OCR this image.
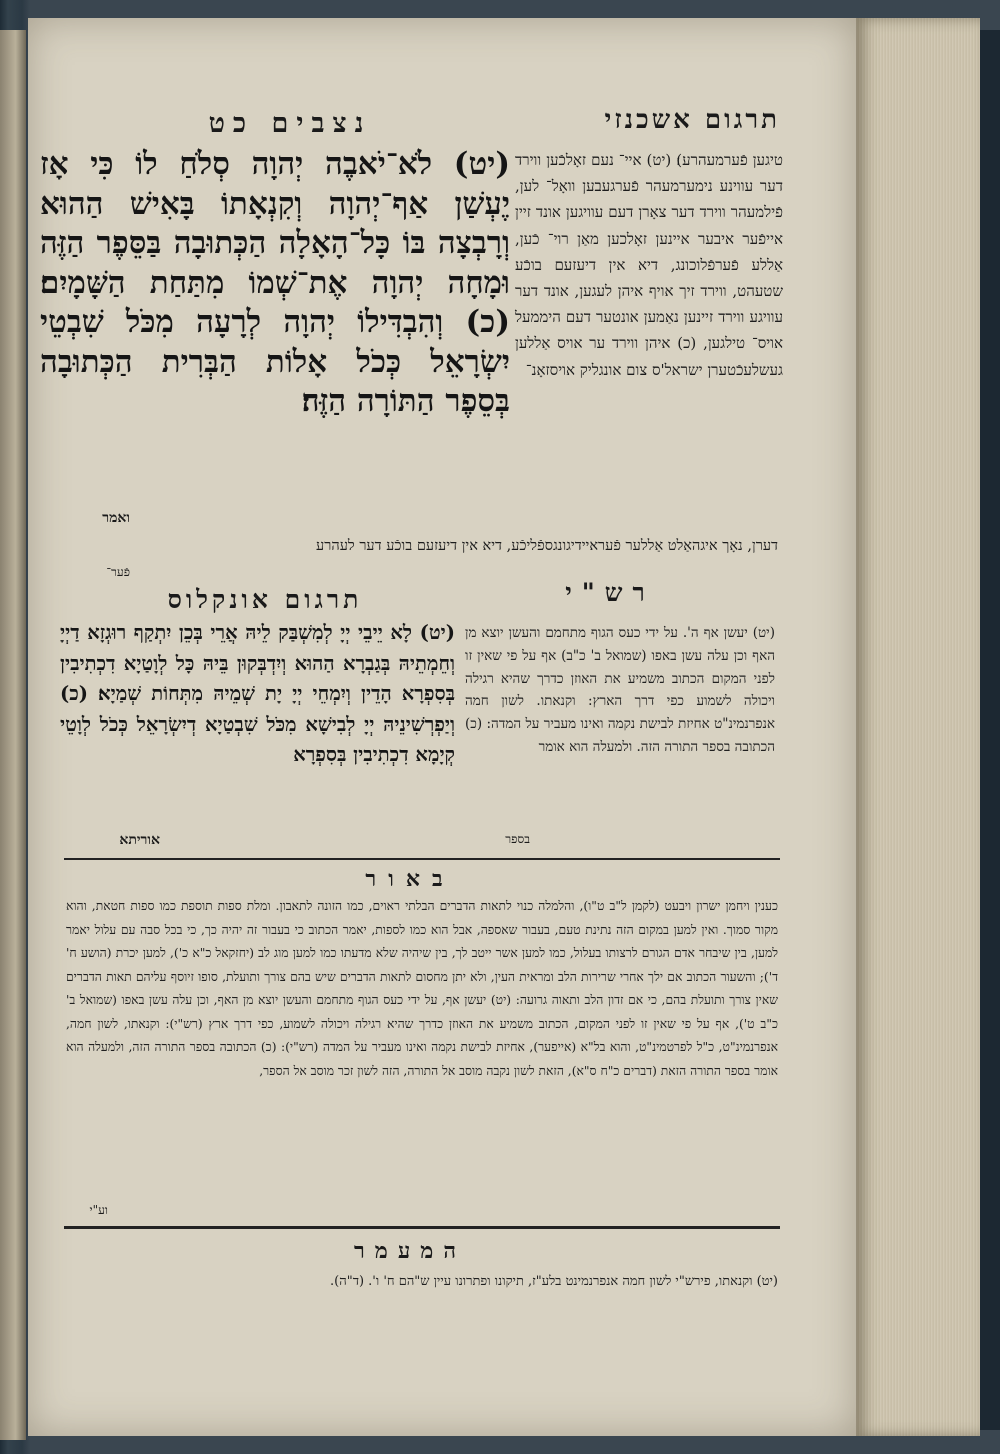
תרגום אשכנזי
נצבים כט
(יט) לֹא־יֹאבֶה יְהוָה סְלֹחַ לוֹ כִּי אָז יֶעְשַׁן אַף־יְהוָה וְקִנְאָתוֹ בָּאִישׁ הַהוּא וְרָבְצָה בּוֹ כָּל־הָאָלָה הַכְּתוּבָה בַּסֵּפֶר הַזֶּה וּמָחָה יְהוָה אֶת־שְׁמוֹ מִתַּחַת הַשָּׁמָיִם׃ (כ) וְהִבְדִּילוֹ יְהוָה לְרָעָה מִכֹּל שִׁבְטֵי יִשְׂרָאֵל כְּכֹל אָלוֹת הַבְּרִית הַכְּתוּבָה בְּסֵפֶר הַתּוֹרָה הַזֶּה׃
ואמר
טיגען פֿערמעהרע)׃ (יט) איי־ נעם זאָלכֿען ווירד דער עווינע נימערמעהר פֿערגעבען וואָל־ לען, פֿילמעהר ווירד דער צאָרן דעם עוויגען אונד זיין אייפֿער איבער איינען זאָלכען מאַן רוי־ כֿען, אַללע פֿערפֿלוכונג, דיא אין דיעזעם בוכֿע שטעהט, ווירד זיך אויף איהן לעגען, אונד דער עוויגע ווירד זיינען נאַמען אונטער דעם היממעל אויס־ טילגען, (כ) איהן ווירד ער אויס אַללען געשלעכֿטערן ישראל'ס צום אונגליק אויסזאָנ־
דערן, נאָך איגהאַלט אַללער פֿעראיידיגונגספֿליכֿע, דיא אין דיעזעם בוכֿע דער לעהרע
פֿער־
רש"י
תרגום אונקלוס
(יט) לָא יֵיבֵי יְיָ לְמִשְׁבַּק לֵיהּ אֲרֵי בְּכֵן יִתְקַף רוּגְזָא דַיְיָ וְחֵמְתֵיהּ בְּגַבְרָא הַהוּא וְיִדְבְּקוּן בֵּיהּ כָּל לְוָטַיָא דִכְתִיבִין בְּסִפְרָא הָדֵין וְיִמְחֵי יְיָ יָת שְׁמֵיהּ מִתְּחוֹת שְׁמַיָא׃ (כ) וְיַפְרְשִׁינֵיהּ יְיָ לְבִישָׁא מִכֹּל שִׁבְטַיָא דְיִשְׂרָאֵל כְּכֹל לְוָטֵי קְיָמָא דִכְתִיבִין בְּסִפְרָא
אוריתא
(יט) יעשן אף ה'. על ידי כעס הגוף מתחמם והעשן יוצא מן האף וכן עלה עשן באפו (שמואל ב' כ"ב) אף על פי שאין זו לפני המקום הכתוב משמיע את האוזן כדרך שהיא רגילה ויכולה לשמוע כפי דרך הארץ: וקנאתו. לשון חמה אנפרנמינ"ט אחיזת לבישת נקמה ואינו מעביר על המדה: (כ) הכתובה בספר התורה הזה. ולמעלה הוא אומר
בספר
באור
כענין ויחמן ישרון ויבעט (לקמן ל"ב ט"ו), והלמלה כנוי לתאות הדברים הבלתי ראוים, כמו הזונה לתאבון. ומלת ספות תוספת כמו ספות חטאת, והוא מקור סמוך. ואין למען במקום הזה נתינת טעם, בעבור שאספה, אבל הוא כמו לספות, יאמר הכתוב כי בעבור זה יהיה כך, כי בכל סבה עם עלול יאמר למען, בין שיבחר אדם הגורם לרצותו בעלול, כמו למען אשר ייטב לך, בין שיהיה שלא מדעתו כמו למען מוג לב (יחזקאל כ"א כ'), למען יכרת (הושע ח' ד'); והשעור הכתוב אם ילך אחרי שרירות הלב ומראית העין, ולא יתן מחסום לתאות הדברים שיש בהם צורך ותועלת, סופו זיוסף עליהם תאות הדברים שאין צורך ותועלת בהם, כי אם זדון הלב ותאוה גרועה: (יט) יעשן אף, על ידי כעס הגוף מתחמם והעשן יוצא מן האף, וכן עלה עשן באפו (שמואל ב' כ"ב ט'), אף על פי שאין זו לפני המקום, הכתוב משמיע את האוזן כדרך שהיא רגילה ויכולה לשמוע, כפי דרך ארץ (רש"י): וקנאתו, לשון חמה, אנפרנמינ"ט, כ"ל לפרטמינ"ט, והוא בל"א (אייפער), אחיזת לבישת נקמה ואינו מעביר על המדה (רש"י): (כ) הכתובה בספר התורה הזה, ולמעלה הוא אומר בספר התורה הזאת (דברים כ"ח ס"א), הזאת לשון נקבה מוסב אל התורה, הזה לשון זכר מוסב אל הספר,
וע"י
המעמר
(יט) וקנאתו, פירש"י לשון חמה אנפרנמינט בלע"ז, תיקונו ופתרונו עיין ש"הם ח' ו'. (ד"ה).
